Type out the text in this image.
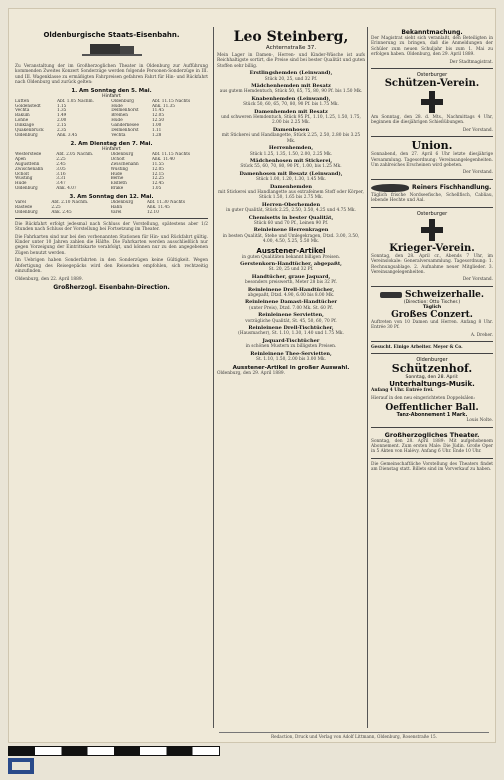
Oldenburgische Staats-Eisenbahn.

Zu Veranstaltung der im Großherzoglichen Theater in Oldenburg zur Aufführung kommenden Zweites Konzert Sonderzüge werden folgende Personen-Sonderzüge in III. und III. Wagenklasse zu ermäßigten Fahrpreisen gefahren Fahrt für Hin- und Rückfahrt nach Oldenburg und zurück gelten:

1. Am Sonntag den 5. Mai.
Hinfahrt
Lutten	Abf. 1.05 Nachm.	Oldenburg	Abf. 11.15 Nachts
Goldenstedt	1.15	Hude	Ank. 11.35
Vechta	1.35	Delmenhorst	11.45
Bakum	1.49	Bremen	12.05
Lohne	2.00	Hude	12.50
Dinklage	2.15	Ganderkesee	1.00
Quakenbrück	2.35	Delmenhorst	1.11
Oldenburg	Ank. 3.45	Vechta	1.28
2. Am Dienstag den 7. Mai.
Hinfahrt
Westerstede	Abf. 2.05 Nachm.	Oldenburg	Abf. 11.15 Nachts
Apen	2.25	Ocholt	Ank. 11.40
Augustfehn	2.45	Zwischenahn	11.55
Zwischenahn	3.05	Wüsting	12.05
Ocholt	3.16	Hude	12.15
Wüsting	3.31	Berne	12.25
Hude	3.47	Elsfleth	12.45
Oldenburg	Ank. 4.07	Brake	1.05
3. Am Sonntag den 12. Mai.
Varel	Abf. 2.10 Nachm.	Oldenburg	Abf. 11.30 Nachts
Rastede	2.25	Hahn	Ank. 11.45
Oldenburg	Ank. 2.45	Varel	12.10

Die Rückfahrt erfolgt jedesmal nach Schluss der Vorstellung, spätestens aber 1/2 Stunden nach Schluss der Vorstellung bei Fortsetzung im Theater.

Die Fahrkarten sind nur bei den vorbenannten Stationen für Hin- und Rückfahrt gültig. Kinder unter 10 Jahren zahlen die Hälfte. Die Fahrkarten werden ausschließlich nur gegen Vorzeigung der Eintrittskarte verabfolgt, und können nur zu den angegebenen Zügen benutzt werden.

Im Uebrigen haben Sonderfahrten in den Sonderzügen keine Gültigkeit. Wegen Abfertigung des Reisegepäcks wird den Reisenden empfohlen, sich rechtzeitig einzufinden.

Oldenburg, den 22. April 1889.

Großherzogl. Eisenbahn-Direction.
Leo Steinberg,
Achternstraße 37.

Mein Lager in Damen-, Herren- und Kinder-Wäsche ist aufs Reichhaltigste sortirt, die Preise sind bei bester Qualität und guten Stoffen sehr billig.

Erstlingshemden (Leinwand),
Stück 20, 25, und 32 Pf.
Mädchenhemden mit Besatz
aus gutem Hemdentuch, Stück 50, 65, 75, 80, 90 Pf. bis 1.50 Mk.
Knabenhemden (Leinwand),
Stück 50, 60, 65, 70, 80, 90 Pf. bis 1.75 Mk.
Damenhemden mit Besatz
und schweren Hemdentuch, Stück 95 Pf., 1.10, 1.25, 1.50, 1.75, 2.00 bis 2.25 Mk.
Damenhosen
mit Stickerei und Handlangette, Stück 2.25, 2.50, 2.80 bis 3.25 Mk.
Herrenhemden,
Stück 1.25, 1.35, 1.50, 2.00, 2.25 Mk.
Mädchenhosen mit Stickerei,
Stück 55, 60, 70, 80, 90 Pf., 1.00, bis 1.25 Mk.
Damenhosen mit Besatz (Leinwand),
Stück 1.00, 1.20, 1.30, 1.45 Mk.
Damenhemden
mit Stickerei und Handlangette aus extrafeinem Stoff oder Körper, Stück 1.50, 1.65 bis 2.75 Mk.
Herren-Oberhemden
in guter Qualität, Stück 2.25, 2.50, 3.50, 4.25 und 4.75 Mk.
Chemisetts in bester Qualität,
Stück 60 und 70 Pf., Leinen 90 Pf.
Reinleinene Herrenkragen
in besten Qualität, Stehe und Umlegekragen, Dtzd. 3.00, 3.50, 4.00, 4.50, 5.25, 5.50 Mk.
Ausstener-Artikel

in guten Qualitäten bekannt billigen Preisen.

Gerstenkorn-Handtücher, abgepaßt,
St. 20, 25 und 32 Pf.
Handtücher, graue Jaquard,
besonders preiswerth, Meter 28 bis 32 Pf.
Reinleinene Drell-Handtücher,
abgepaßt, Dtzd. 4.90, 6.00 bis 8.00 Mk.
Reinleinene Damast-Handtücher
(unter Preis), Dtzd. 7.00 Mk. St. 60 Pf.
Reinleinene Servietten,
vorzügliche Qualität, St. 45, 50, 60, 70 Pf.
Reinleinene Drell-Tischtücher,
(Hausmacher), St. 1.10, 1.30, 1.40 und 1.75 Mk.
Jaquard-Tischtücher
in schönen Mustern zu billigsten Preisen.
Reinleinene Thee-Servietten,
St. 1.10, 1.50, 2.00 bis 3.00 Mk.
Ausstener-Artikel in großer Auswahl.

Oldenburg, den 29. April 1889.

Bekanntmachung.

Der Magistrat sieht sich veranlaßt, den Beteiligten in Erinnerung zu bringen, daß die Anmeldungen der Schüler zum neuen Schuljahr bis zum 1. Mai zu erfolgen haben. Oldenburg, den 29. April 1889.

Der Stadtmagistrat.

Osterburger
Schützen-Verein.

Am Sonntag, den 28. d. Mts., Nachmittags 4 Uhr, beginnen die diesjährigen Schießübungen.

Der Vorstand.

Union.

Sonnabend, den 27. April 6 Uhr letzte diesjährige Versammlung. Tagesordnung: Vereinsangelegenheiten. Um zahlreiches Erscheinen wird gebeten.

Der Vorstand.

Reiners Fischhandlung.

Täglich frische Nordseefische, Schellfisch, Cabliau, lebende Hechte und Aal.

Osterburger
Krieger-Verein.

Sonntag, den 28. April cr., Abends 7 Uhr, im Vereinslokale: Generalversammlung. Tagesordnung: 1. Rechnungsablage. 2. Aufnahme neuer Mitglieder. 3. Vereinsangelegenheiten.

Der Vorstand.

Schweizerhalle.
(Direction: Otto Tischer.)
Täglich
Großes Conzert.

Auftreten von 10 Damen und Herren. Anfang 8 Uhr. Entrée 30 Pf.

A. Dreher.

Gesucht. Einige Arbeiter. Meyer & Co.

Oldenburger
Schützenhof.
Sonntag, den 28. April:
Unterhaltungs-Musik.

Anfang 4 Uhr. Entrée frei.

Hierauf in den neu eingerichteten Doppelsälen:

Oeffentlicher Ball.
Tanz-Abonnement 1 Mark.

Louis Nolte.

Großherzogliches Theater.

Sonntag, den 28. April 1889: Mit aufgehobenem Abonnement. Zum ersten Male: Die Jüdin. Große Oper in 5 Akten von Halévy. Anfang 6 Uhr. Ende 10 Uhr.

Die Gemeinschaftliche Vorstellung des Theaters findet am Dienstag statt. Billets sind im Vorverkauf zu haben.

Redaction, Druck und Verlag von Adolf Littmann, Oldenburg, Rosenstraße 15.
